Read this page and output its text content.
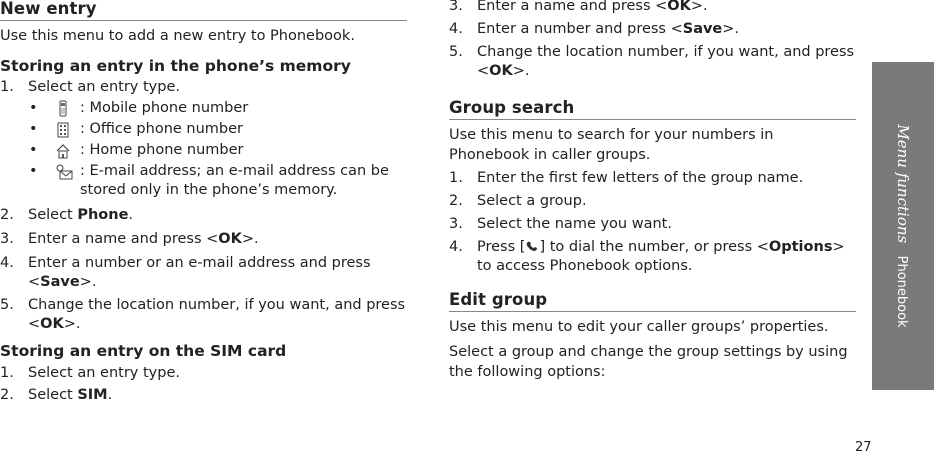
New entry

Use this menu to add a new entry to Phonebook.

Storing an entry in the phone’s memory

1. Select an entry type.
•	: Mobile phone number
•	: Office phone number
•	: Home phone number
•	: E-mail address; an e-mail address can be stored only in the phone’s memory.
2. Select Phone.
3. Enter a name and press <OK>.
4. Enter a number or an e-mail address and press <Save>.
5. Change the location number, if you want, and press <OK>.

Storing an entry on the SIM card

1. Select an entry type.
2. Select SIM.
3. Enter a name and press <OK>.
4. Enter a number and press <Save>.
5. Change the location number, if you want, and press <OK>.
Group search

Use this menu to search for your numbers in Phonebook in caller groups.

1. Enter the first few letters of the group name.
2. Select a group.
3. Select the name you want.
4. Press [ ] to dial the number, or press <Options> to access Phonebook options.
Edit group

Use this menu to edit your caller groups’ properties.

Select a group and change the group settings by using the following options:

Menu functions   Phonebook
27
